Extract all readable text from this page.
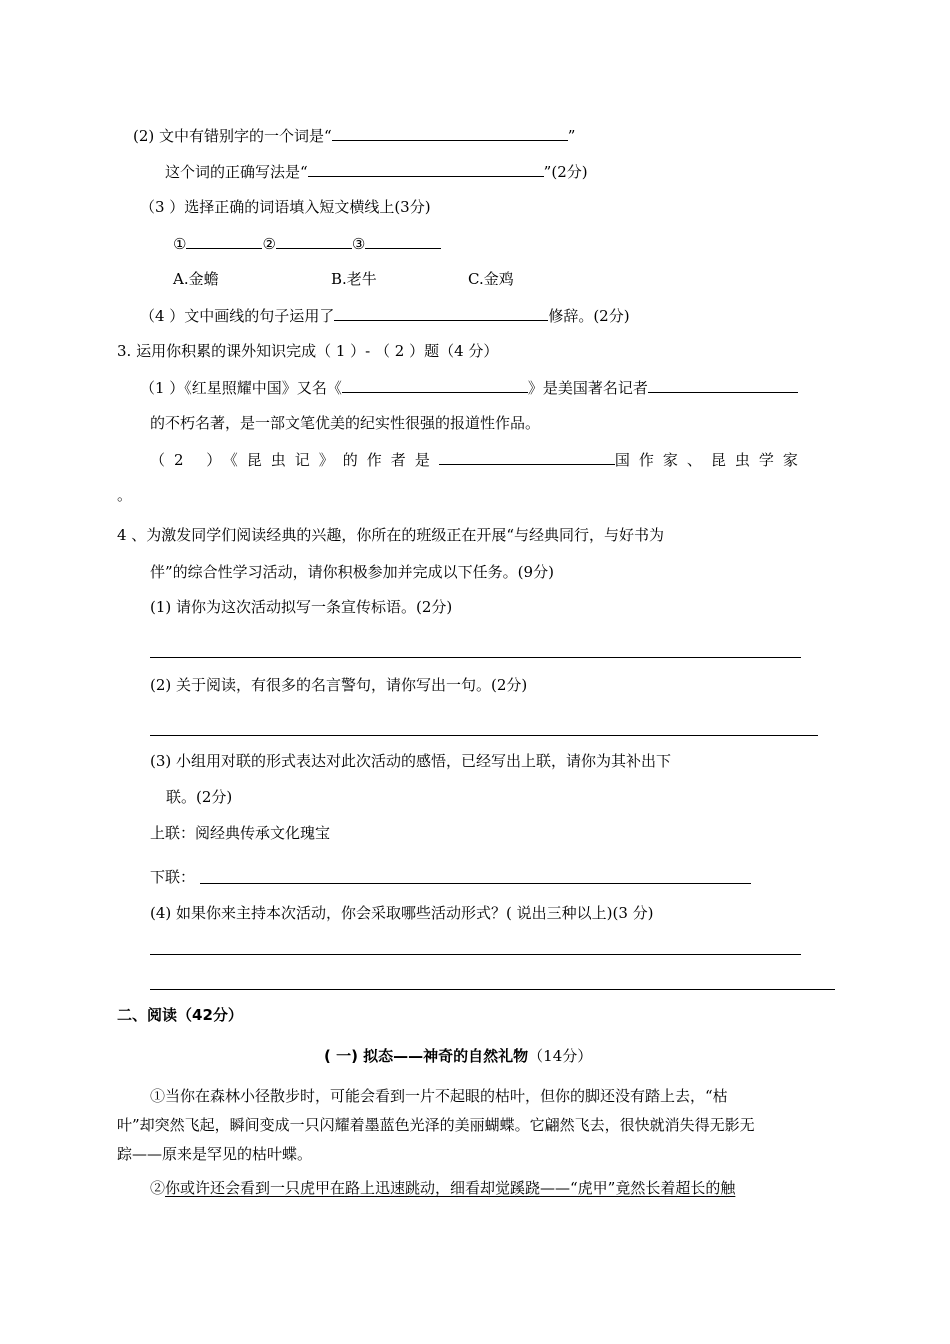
(2) 文中有错别字的一个词是“	”
这个词的正确写法是“	”(2分)
（3 ）选择正确的词语填入短文横线上(3分)
①	②	③
A.金蟾	B.老牛	C.金鸡
（4 ）文中画线的句子运用了	修辞。(2分)
3. 运用你积累的课外知识完成（ 1 ）- （ 2 ）题（4 分）
（1 ）《红星照耀中国》又名《	》是美国著名记者
的不朽名著，是一部文笔优美的纪实性很强的报道性作品。
（2 ）《昆虫记》的作者是	国作家、昆虫学家
。
4 、为激发同学们阅读经典的兴趣，你所在的班级正在开展“与经典同行，与好书为
伴”的综合性学习活动，请你积极参加并完成以下任务。(9分)
(1) 请你为这次活动拟写一条宣传标语。(2分)
(2) 关于阅读，有很多的名言警句，请你写出一句。(2分)
(3) 小组用对联的形式表达对此次活动的感悟，已经写出上联，请你为其补出下
联。(2分)
上联：阅经典传承文化瑰宝
下联：
(4) 如果你来主持本次活动，你会采取哪些活动形式？( 说出三种以上)(3 分)
二、阅读（42分）
( 一) 拟态——神奇的自然礼物（14分）
①当你在森林小径散步时，可能会看到一片不起眼的枯叶，但你的脚还没有踏上去，“枯
叶”却突然飞起，瞬间变成一只闪耀着墨蓝色光泽的美丽蝴蝶。它翩然飞去，很快就消失得无影无
踪——原来是罕见的枯叶蝶。
②你或许还会看到一只虎甲在路上迅速跳动，细看却觉蹊跷——“虎甲”竟然长着超长的触
